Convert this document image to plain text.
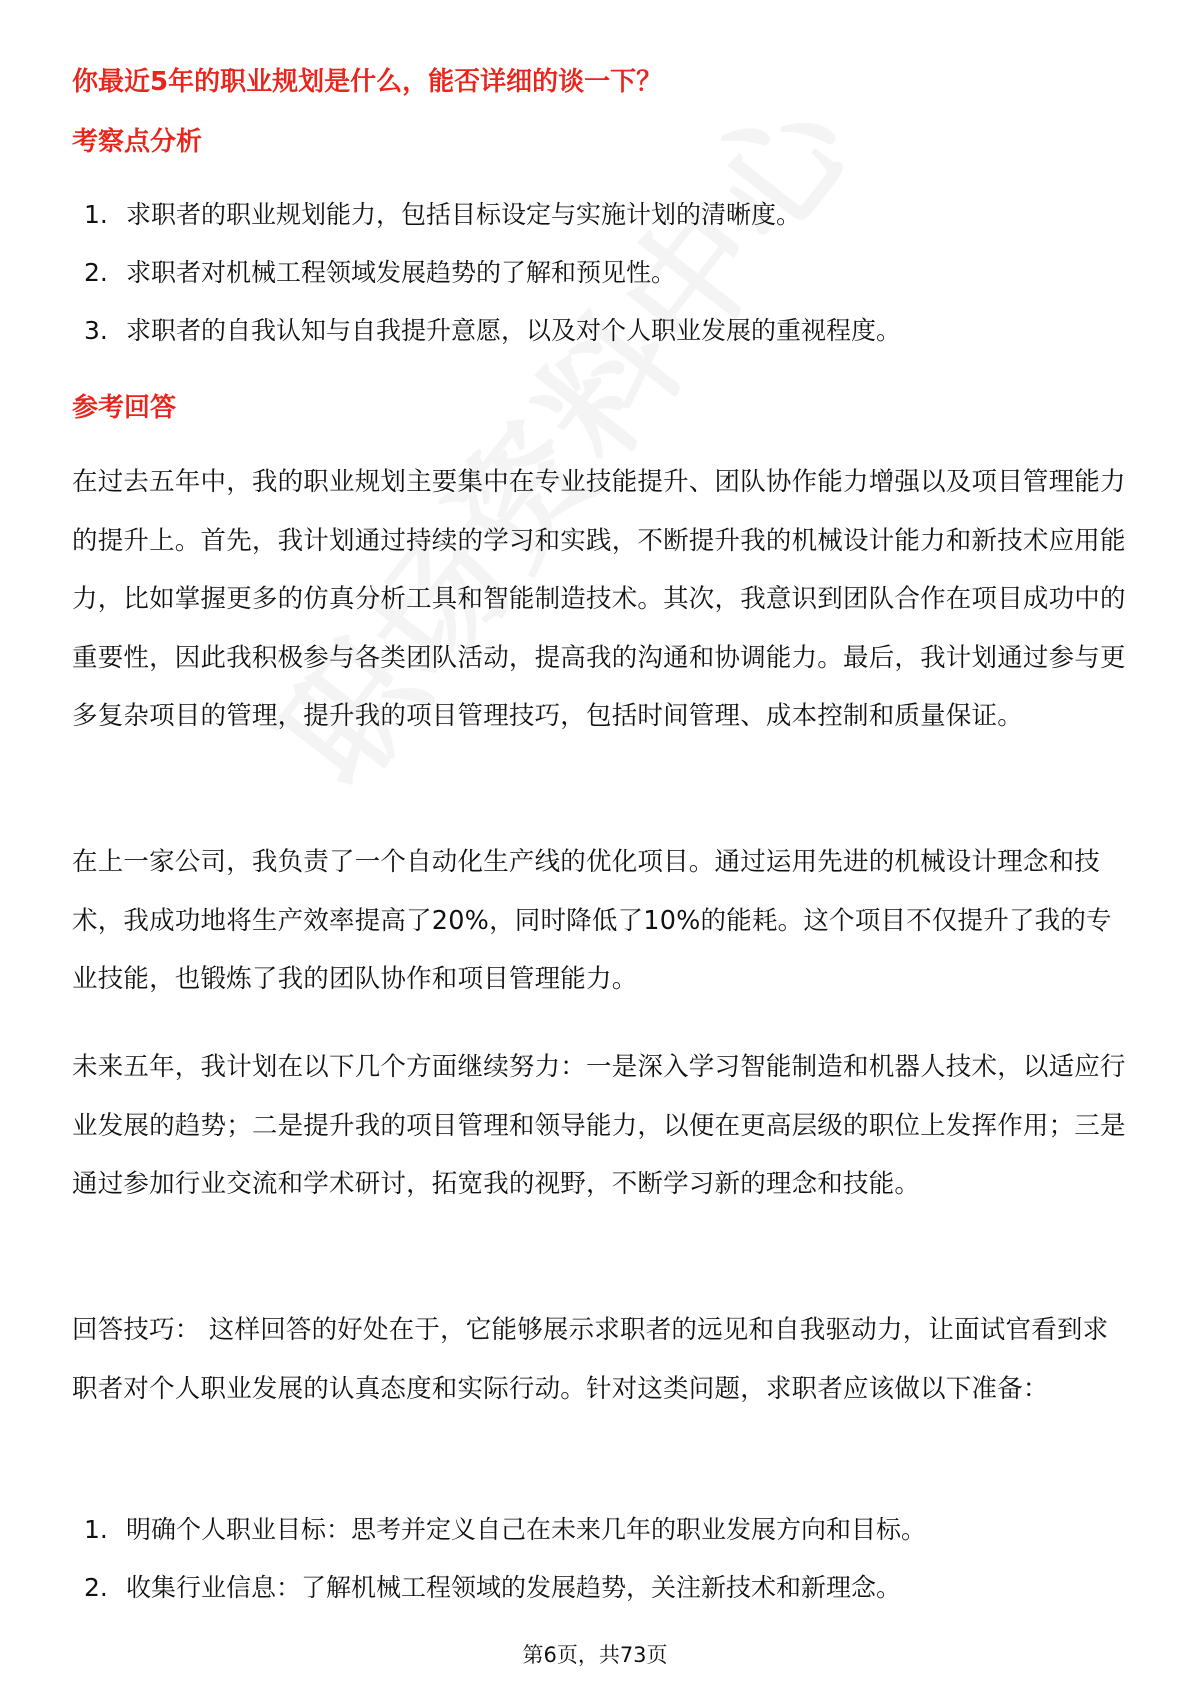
你最近5年的职业规划是什么，能否详细的谈一下？
考察点分析
1. 求职者的职业规划能力，包括目标设定与实施计划的清晰度。
2. 求职者对机械工程领域发展趋势的了解和预见性。
3. 求职者的自我认知与自我提升意愿，以及对个人职业发展的重视程度。
参考回答

在过去五年中，我的职业规划主要集中在专业技能提升、团队协作能力增强以及项目管理能力的提升上。首先，我计划通过持续的学习和实践，不断提升我的机械设计能力和新技术应用能力，比如掌握更多的仿真分析工具和智能制造技术。其次，我意识到团队合作在项目成功中的重要性，因此我积极参与各类团队活动，提高我的沟通和协调能力。最后，我计划通过参与更多复杂项目的管理，提升我的项目管理技巧，包括时间管理、成本控制和质量保证。

在上一家公司，我负责了一个自动化生产线的优化项目。通过运用先进的机械设计理念和技术，我成功地将生产效率提高了20%，同时降低了10%的能耗。这个项目不仅提升了我的专业技能，也锻炼了我的团队协作和项目管理能力。

未来五年，我计划在以下几个方面继续努力：一是深入学习智能制造和机器人技术，以适应行业发展的趋势；二是提升我的项目管理和领导能力，以便在更高层级的职位上发挥作用；三是通过参加行业交流和学术研讨，拓宽我的视野，不断学习新的理念和技能。

回答技巧： 这样回答的好处在于，它能够展示求职者的远见和自我驱动力，让面试官看到求职者对个人职业发展的认真态度和实际行动。针对这类问题，求职者应该做以下准备：

1. 明确个人职业目标：思考并定义自己在未来几年的职业发展方向和目标。
2. 收集行业信息：了解机械工程领域的发展趋势，关注新技术和新理念。
第6页，共73页
